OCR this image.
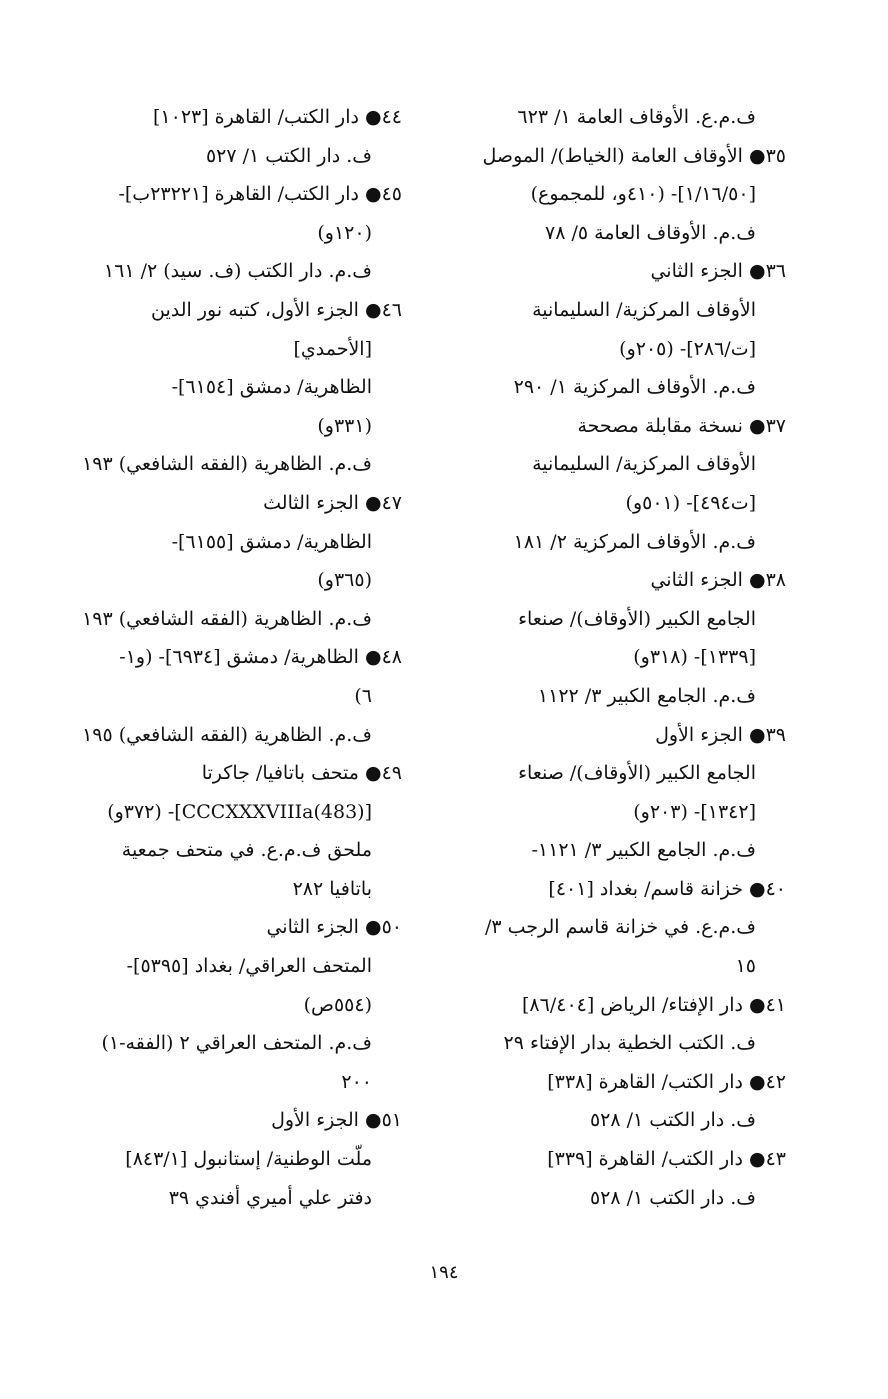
ف.م.ع. الأوقاف العامة ١/ ٦٢٣
٣٥● الأوقاف العامة (الخياط)/ الموصل
[١/١٦/٥٠]- (٤١٠و، للمجموع)
ف.م. الأوقاف العامة ٥/ ٧٨
٣٦● الجزء الثاني
الأوقاف المركزية/ السليمانية
[ت/٢٨٦]- (٢٠٥و)
ف.م. الأوقاف المركزية ١/ ٢٩٠
٣٧● نسخة مقابلة مصححة
الأوقاف المركزية/ السليمانية
[ت٤٩٤]- (٥٠١و)
ف.م. الأوقاف المركزية ٢/ ١٨١
٣٨● الجزء الثاني
الجامع الكبير (الأوقاف)/ صنعاء
[١٣٣٩]- (٣١٨و)
ف.م. الجامع الكبير ٣/ ١١٢٢
٣٩● الجزء الأول
الجامع الكبير (الأوقاف)/ صنعاء
[١٣٤٢]- (٢٠٣و)
ف.م. الجامع الكبير ٣/ ١١٢١-
٤٠● خزانة قاسم/ بغداد [٤٠١]
ف.م.ع. في خزانة قاسم الرجب ٣/
١٥
٤١● دار الإفتاء/ الرياض [٨٦/٤٠٤]
ف. الكتب الخطية بدار الإفتاء ٢٩
٤٢● دار الكتب/ القاهرة [٣٣٨]
ف. دار الكتب ١/ ٥٢٨
٤٣● دار الكتب/ القاهرة [٣٣٩]
ف. دار الكتب ١/ ٥٢٨
٤٤● دار الكتب/ القاهرة [١٠٢٣]
ف. دار الكتب ١/ ٥٢٧
٤٥● دار الكتب/ القاهرة [٢٣٢٢١ب]-
(١٢٠و)
ف.م. دار الكتب (ف. سيد) ٢/ ١٦١
٤٦● الجزء الأول، كتبه نور الدين
[الأحمدي]
الظاهرية/ دمشق [٦١٥٤]-
(٣٣١و)
ف.م. الظاهرية (الفقه الشافعي) ١٩٣
٤٧● الجزء الثالث
الظاهرية/ دمشق [٦١٥٥]-
(٣٦٥و)
ف.م. الظاهرية (الفقه الشافعي) ١٩٣
٤٨● الظاهرية/ دمشق [٦٩٣٤]- (و١-
٦)
ف.م. الظاهرية (الفقه الشافعي) ١٩٥
٤٩● متحف باتافيا/ جاكرتا
[(483)CCCXXXVIIIa]- (٣٧٢و)
ملحق ف.م.ع. في متحف جمعية
باتافيا ٢٨٢
٥٠● الجزء الثاني
المتحف العراقي/ بغداد [٥٣٩٥]-
(٥٥٤ص)
ف.م. المتحف العراقي ٢ (الفقه-١)
٢٠٠
٥١● الجزء الأول
ملّت الوطنية/ إستانبول [٨٤٣/١]
دفتر علي أميري أفندي ٣٩
١٩٤
